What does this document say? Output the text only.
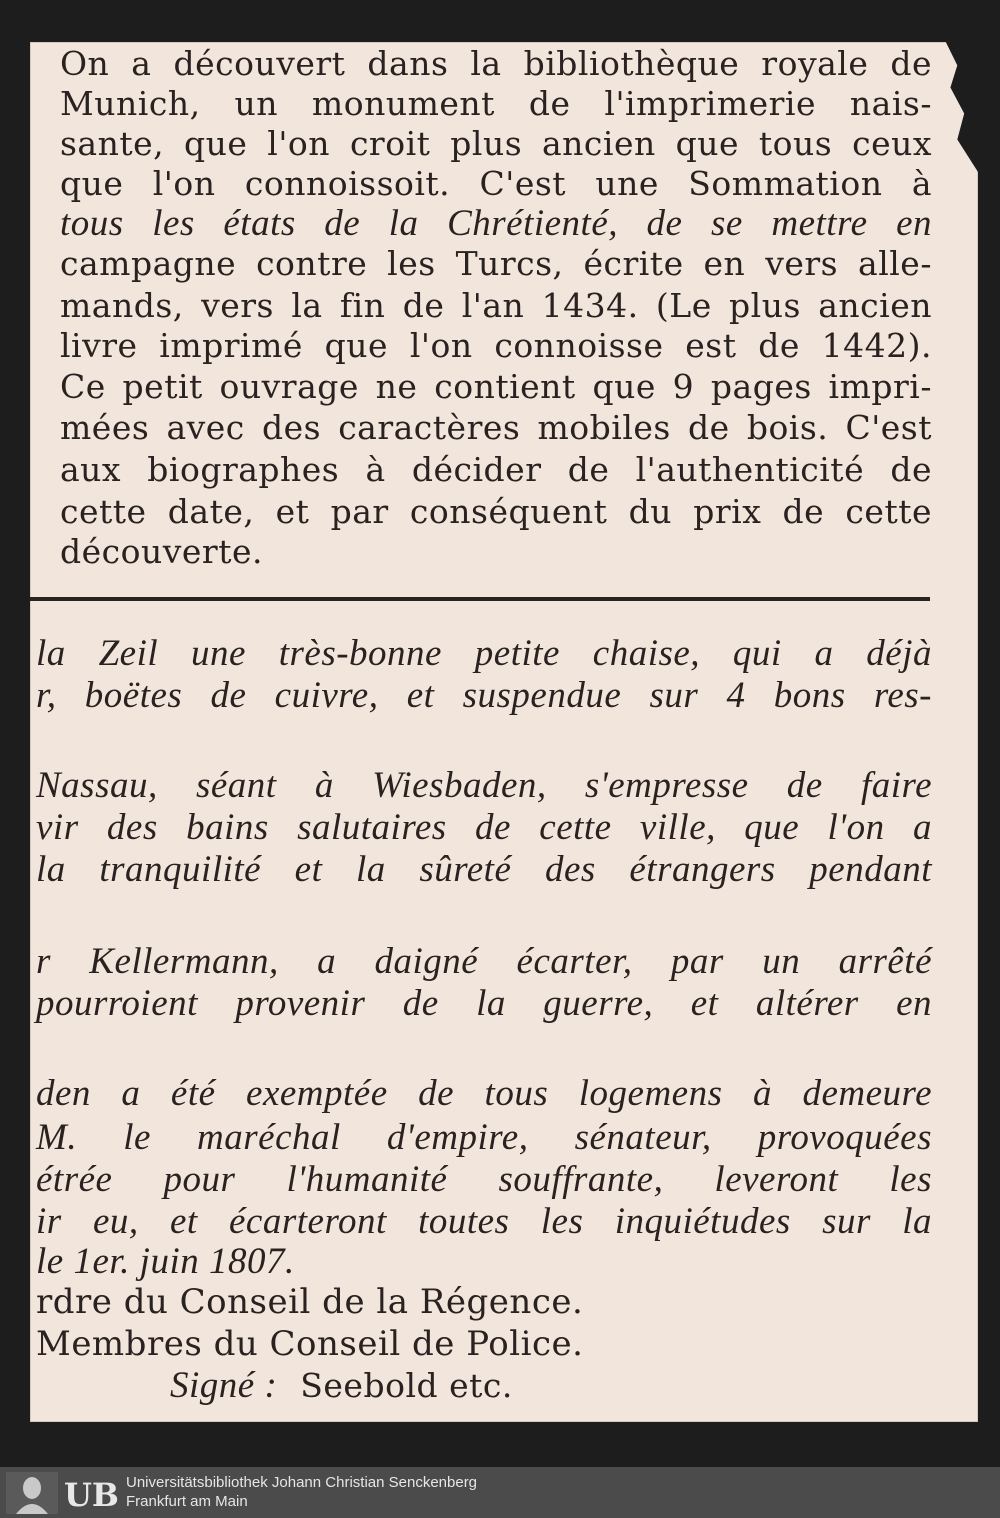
On a découvert dans la bibliothèque royale de
Munich, un monument de l'imprimerie nais-
sante, que l'on croit plus ancien que tous ceux
que l'on connoissoit. C'est une Sommation à
tous les états de la Chrétienté, de se mettre en
campagne contre les Turcs, écrite en vers alle-
mands, vers la fin de l'an 1434. (Le plus ancien
livre imprimé que l'on connoisse est de 1442).
Ce petit ouvrage ne contient que 9 pages impri-
mées avec des caractères mobiles de bois. C'est
aux biographes à décider de l'authenticité de
cette date, et par conséquent du prix de cette
découverte.
la Zeil une très-bonne petite chaise, qui a déjà
r, boëtes de cuivre, et suspendue sur 4 bons res-
Nassau, séant à Wiesbaden, s'empresse de faire
vir des bains salutaires de cette ville, que l'on a
la tranquilité et la sûreté des étrangers pendant
r Kellermann, a daigné écarter, par un arrêté
pourroient provenir de la guerre, et altérer en
den a été exemptée de tous logemens à demeure
M. le maréchal d'empire, sénateur, provoquées
étrée pour l'humanité souffrante, leveront les
ir eu, et écarteront toutes les inquiétudes sur la
le 1er. juin 1807.
rdre du Conseil de la Régence.
Membres du Conseil de Police.
Signé : Seebold etc.
UB Universitätsbibliothek Johann Christian Senckenberg
Frankfurt am Main
